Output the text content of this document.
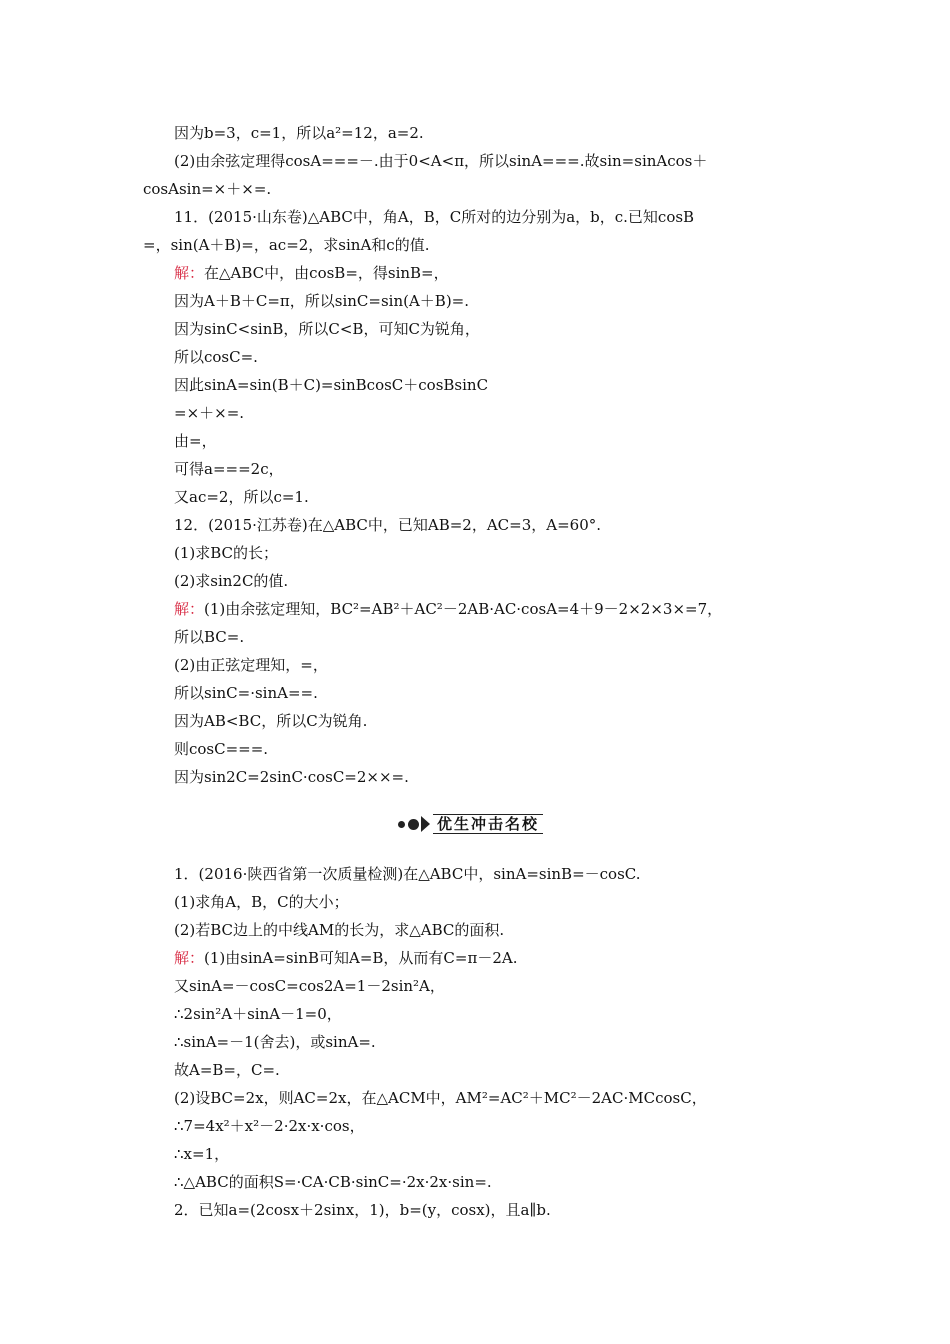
因为b=3，c=1，所以a²=12，a=2.
(2)由余弦定理得cosA===－.由于0<A<π，所以sinA===.故sin=sinAcos＋
cosAsin=×＋×=.
11．(2015·山东卷)△ABC中，角A，B，C所对的边分别为a，b，c.已知cosB
=，sin(A＋B)=，ac=2，求sinA和c的值.
解：在△ABC中，由cosB=，得sinB=，
因为A＋B＋C=π，所以sinC=sin(A＋B)=.
因为sinC<sinB，所以C<B，可知C为锐角，
所以cosC=.
因此sinA=sin(B＋C)=sinBcosC＋cosBsinC
=×＋×=.
由=，
可得a===2c，
又ac=2，所以c=1.
12．(2015·江苏卷)在△ABC中，已知AB=2，AC=3，A=60°.
(1)求BC的长；
(2)求sin2C的值.
解：(1)由余弦定理知，BC²=AB²＋AC²－2AB·AC·cosA=4＋9－2×2×3×=7，
所以BC=.
(2)由正弦定理知，=，
所以sinC=·sinA==.
因为AB<BC，所以C为锐角.
则cosC===.
因为sin2C=2sinC·cosC=2××=.
优生冲击名校
1．(2016·陕西省第一次质量检测)在△ABC中，sinA=sinB=－cosC.
(1)求角A，B，C的大小；
(2)若BC边上的中线AM的长为，求△ABC的面积.
解：(1)由sinA=sinB可知A=B，从而有C=π－2A.
又sinA=－cosC=cos2A=1－2sin²A，
∴2sin²A＋sinA－1=0，
∴sinA=－1(舍去)，或sinA=.
故A=B=，C=.
(2)设BC=2x，则AC=2x，在△ACM中，AM²=AC²＋MC²－2AC·MCcosC，
∴7=4x²＋x²－2·2x·x·cos，
∴x=1，
∴△ABC的面积S=·CA·CB·sinC=·2x·2x·sin=.
2．已知a=(2cosx＋2sinx，1)，b=(y，cosx)，且a∥b.
